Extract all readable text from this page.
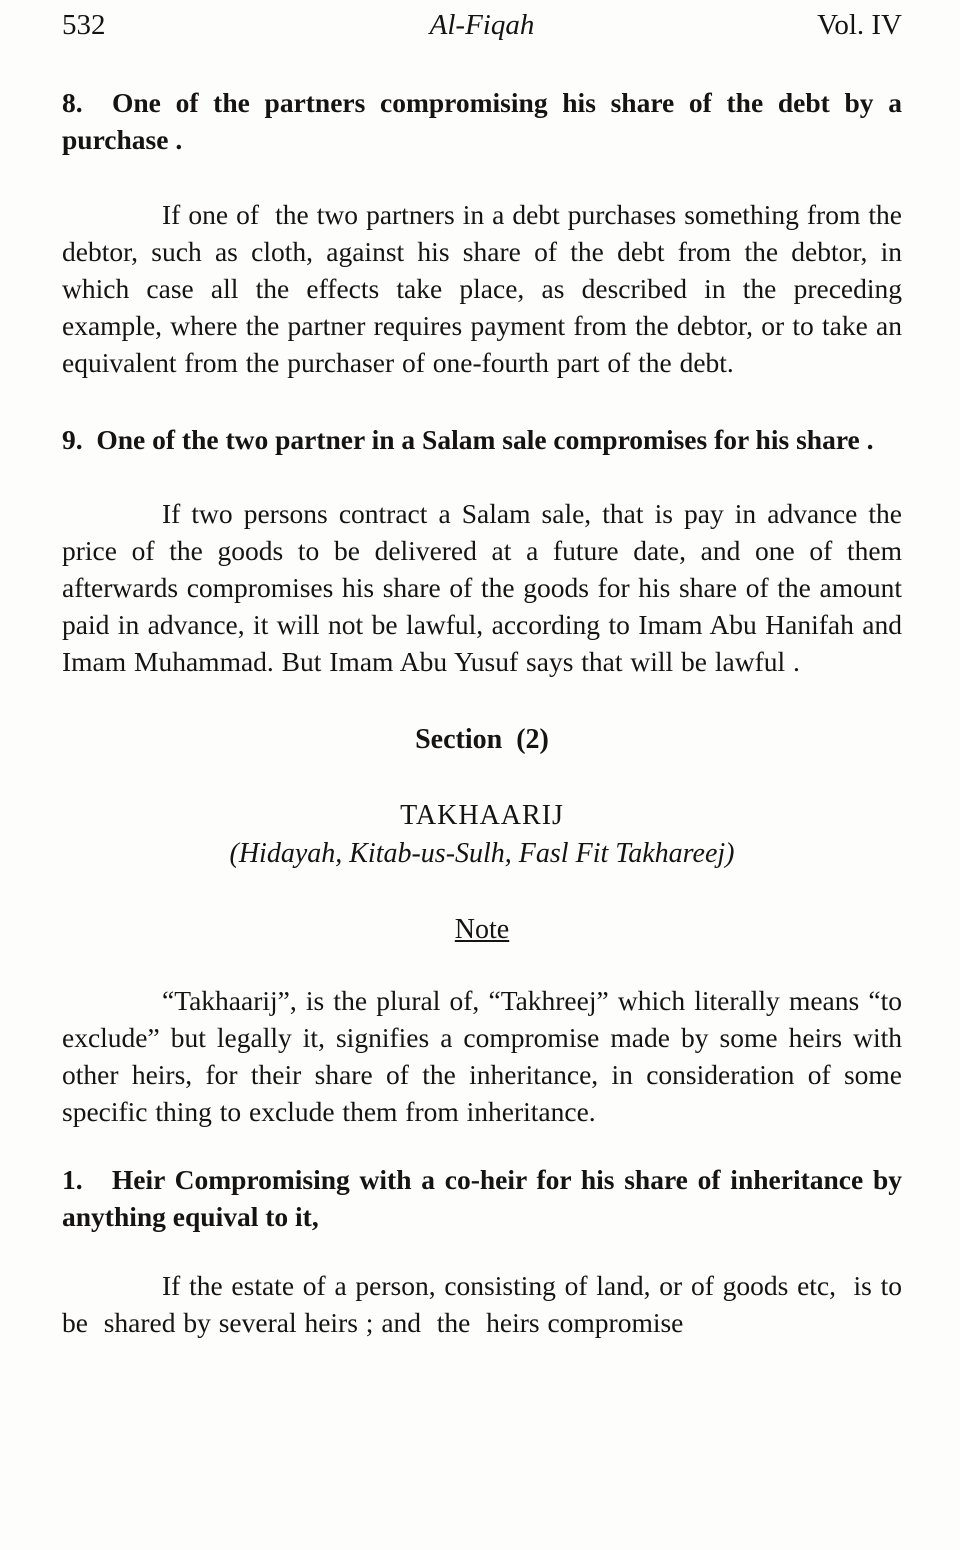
532	Al-Fiqah	Vol. IV

8.  One of the partners compromising his share of the debt by a purchase .

If one of  the two partners in a debt purchases something from the debtor, such as cloth, against his share of the debt from the debtor, in which case all the effects take place, as described in the preceding example, where the partner requires payment from the debtor, or to take an equivalent from the purchaser of one-fourth part of the debt.

9.  One of the two partner in a Salam sale compromises for his share .

If two persons contract a Salam sale, that is pay in advance the price of the goods to be delivered at a future date, and one of them afterwards compromises his share of the goods for his share of the amount paid in advance, it will not be lawful, according to Imam Abu Hanifah and Imam Muhammad. But Imam Abu Yusuf says that will be lawful .

Section  (2)

TAKHAARIJ

(Hidayah, Kitab-us-Sulh, Fasl Fit Takhareej)

Note

“Takhaarij”, is the plural of, “Takhreej” which literally means “to exclude” but legally it, signifies a compromise made by some heirs with other heirs, for their share of the inheritance, in consideration of some specific thing to exclude them from inheritance.

1.   Heir Compromising with a co-heir for his share of inheritance by anything equival to it,

If the estate of a person, consisting of land, or of goods etc,  is to be  shared by several heirs ; and  the  heirs compromise
